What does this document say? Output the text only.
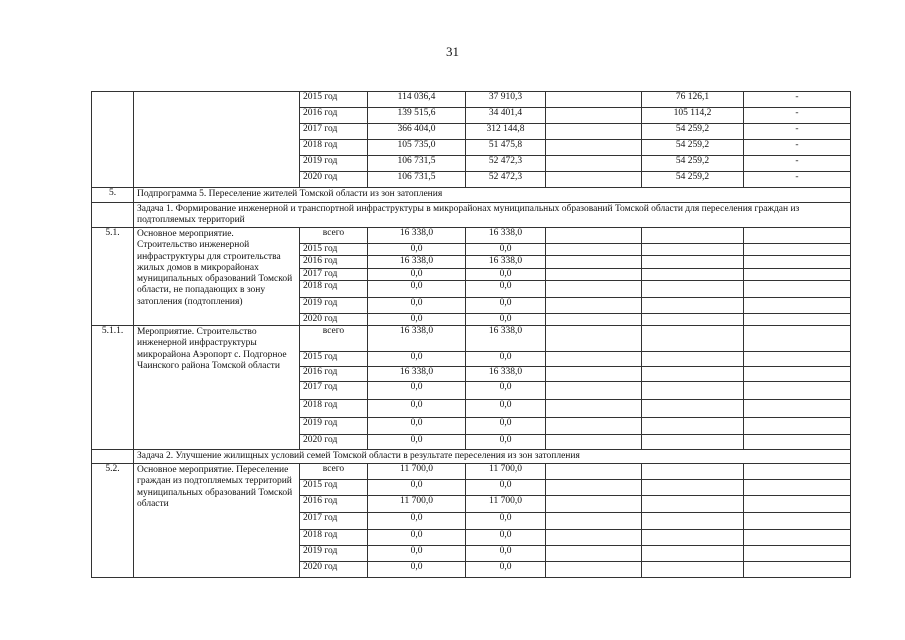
31
		2015 год	114 036,4	37 910,3		76 126,1	-
		2016 год	139 515,6	34 401,4		105 114,2	-
		2017 год	366 404,0	312 144,8		54 259,2	-
		2018 год	105 735,0	51 475,8		54 259,2	-
		2019 год	106 731,5	52 472,3		54 259,2	-
		2020 год	106 731,5	52 472,3		54 259,2	-
5.	Подпрограмма 5. Переселение жителей Томской области из зон затопления						
	Задача 1. Формирование инженерной и транспортной инфраструктуры в микрорайонах муниципальных образований Томской области для переселения граждан из подтопляемых территорий						
5.1.	Основное мероприятие. Строительство инженерной инфраструктуры для строительства жилых домов в микрорайонах муниципальных образований Томской области, не попадающих в зону затопления (подтопления)	всего	16 338,0	16 338,0			
		2015 год	0,0	0,0			
		2016 год	16 338,0	16 338,0			
		2017 год	0,0	0,0			
		2018 год	0,0	0,0			
		2019 год	0,0	0,0			
		2020 год	0,0	0,0			
5.1.1.	Мероприятие. Строительство инженерной инфраструктуры микрорайона Аэропорт с. Подгорное Чаинского района Томской области	всего	16 338,0	16 338,0			
		2015 год	0,0	0,0			
		2016 год	16 338,0	16 338,0			
		2017 год	0,0	0,0			
		2018 год	0,0	0,0			
		2019 год	0,0	0,0			
		2020 год	0,0	0,0			
	Задача 2. Улучшение жилищных условий семей Томской области в результате переселения из зон затопления						
5.2.	Основное мероприятие. Переселение граждан из подтопляемых территорий муниципальных образований Томской области	всего	11 700,0	11 700,0			
		2015 год	0,0	0,0			
		2016 год	11 700,0	11 700,0			
		2017 год	0,0	0,0			
		2018 год	0,0	0,0			
		2019 год	0,0	0,0			
		2020 год	0,0	0,0			
